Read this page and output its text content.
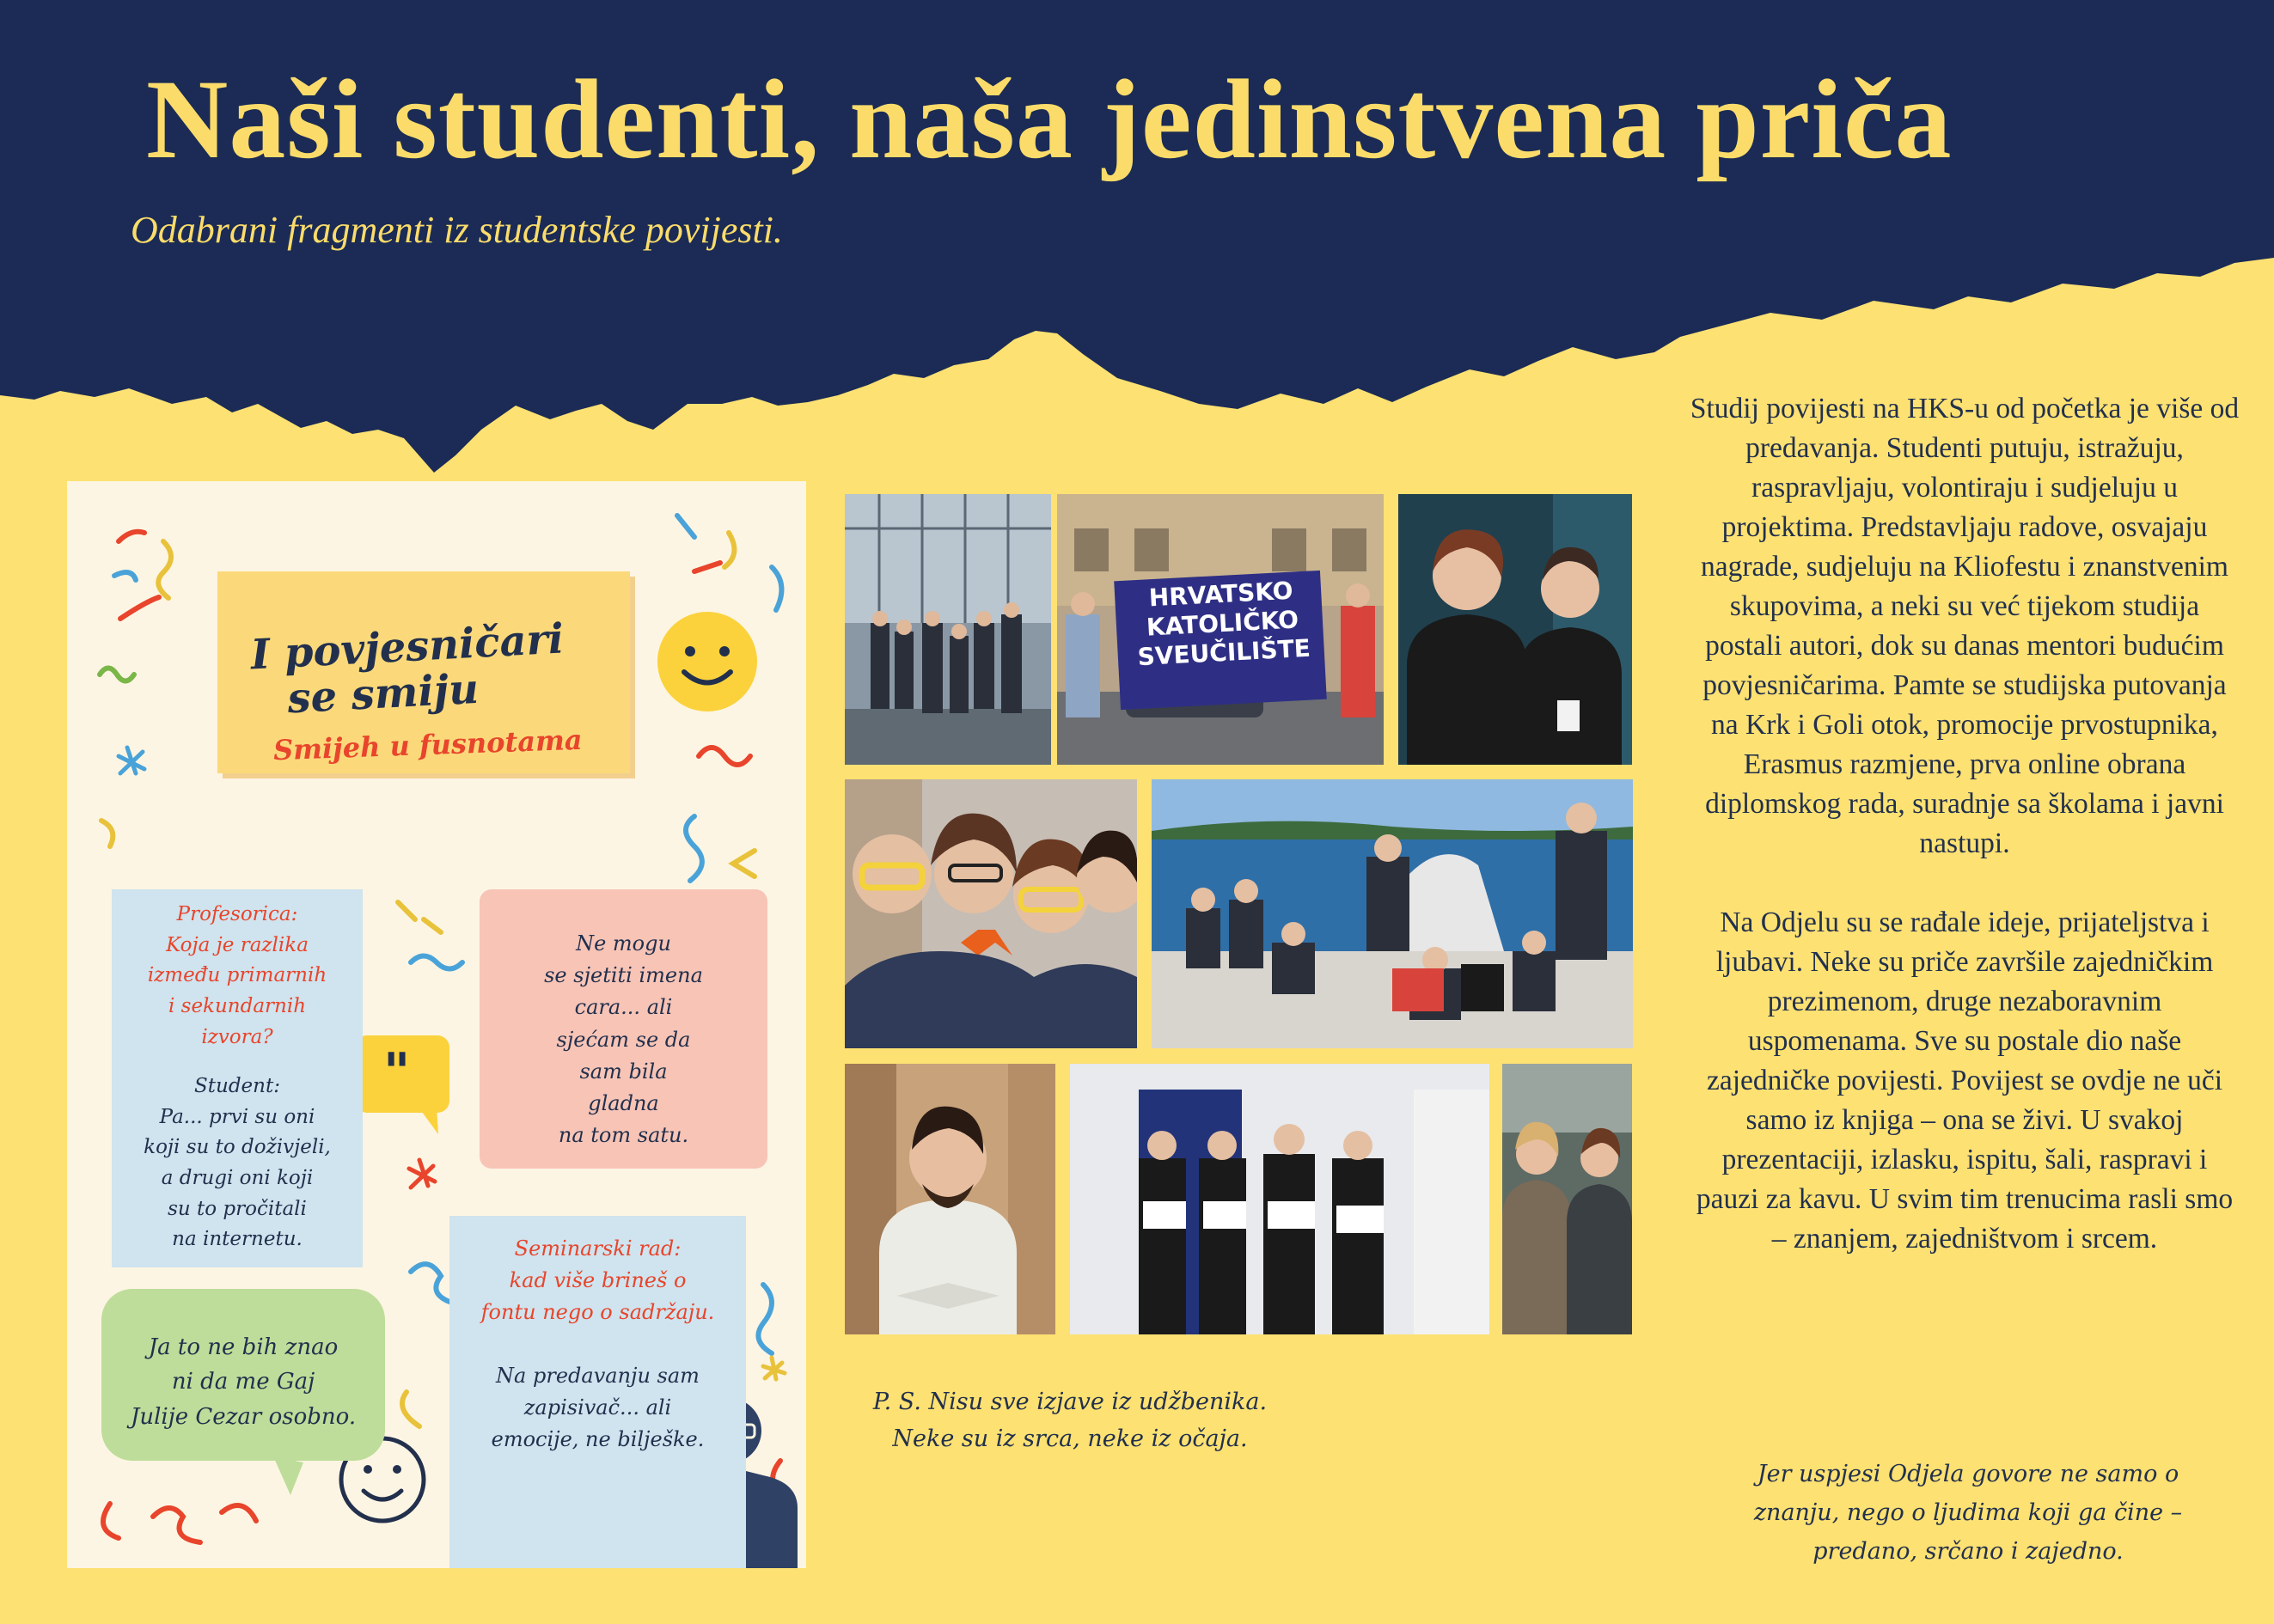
Naši studenti, naša jedinstvena priča
Odabrani fragmenti iz studentske povijesti.
"
I povjesničari
se smiju
Smijeh u fusnotama
Profesorica:
Koja je razlika
između primarnih
i sekundarnih
izvora?
Student:
Pa... prvi su oni
koji su to doživjeli,
a drugi oni koji
su to pročitali
na internetu.
Ne mogu
se sjetiti imena
cara... ali
sjećam se da
sam bila
gladna
na tom satu.
Ja to ne bih znao
ni da me Gaj
Julije Cezar osobno.
Seminarski rad:
kad više brineš o
fontu nego o sadržaju.
Na predavanju sam
zapisivač... ali
emocije, ne bilješke.
HRVATSKO
KATOLIČKO
SVEUČILIŠTE
P. S. Nisu sve izjave iz udžbenika.
Neke su iz srca, neke iz očaja.

Studij povijesti na HKS-u od početka je više od predavanja. Studenti putuju, istražuju, raspravljaju, volontiraju i sudjeluju u projektima. Predstavljaju radove, osvajaju nagrade, sudjeluju na Kliofestu i znanstvenim skupovima, a neki su već tijekom studija postali autori, dok su danas mentori budućim povjesničarima. Pamte se studijska putovanja na Krk i Goli otok, promocije prvostupnika, Erasmus razmjene, prva online obrana diplomskog rada, suradnje sa školama i javni nastupi.

Na Odjelu su se rađale ideje, prijateljstva i ljubavi. Neke su priče završile zajedničkim prezimenom, druge nezaboravnim uspomenama. Sve su postale dio naše zajedničke povijesti. Povijest se ovdje ne uči samo iz knjiga – ona se živi. U svakoj prezentaciji, izlasku, ispitu, šali, raspravi i pauzi za kavu. U svim tim trenucima rasli smo – znanjem, zajedništvom i srcem.

Jer uspjesi Odjela govore ne samo o
znanju, nego o ljudima koji ga čine –
predano, srčano i zajedno.
